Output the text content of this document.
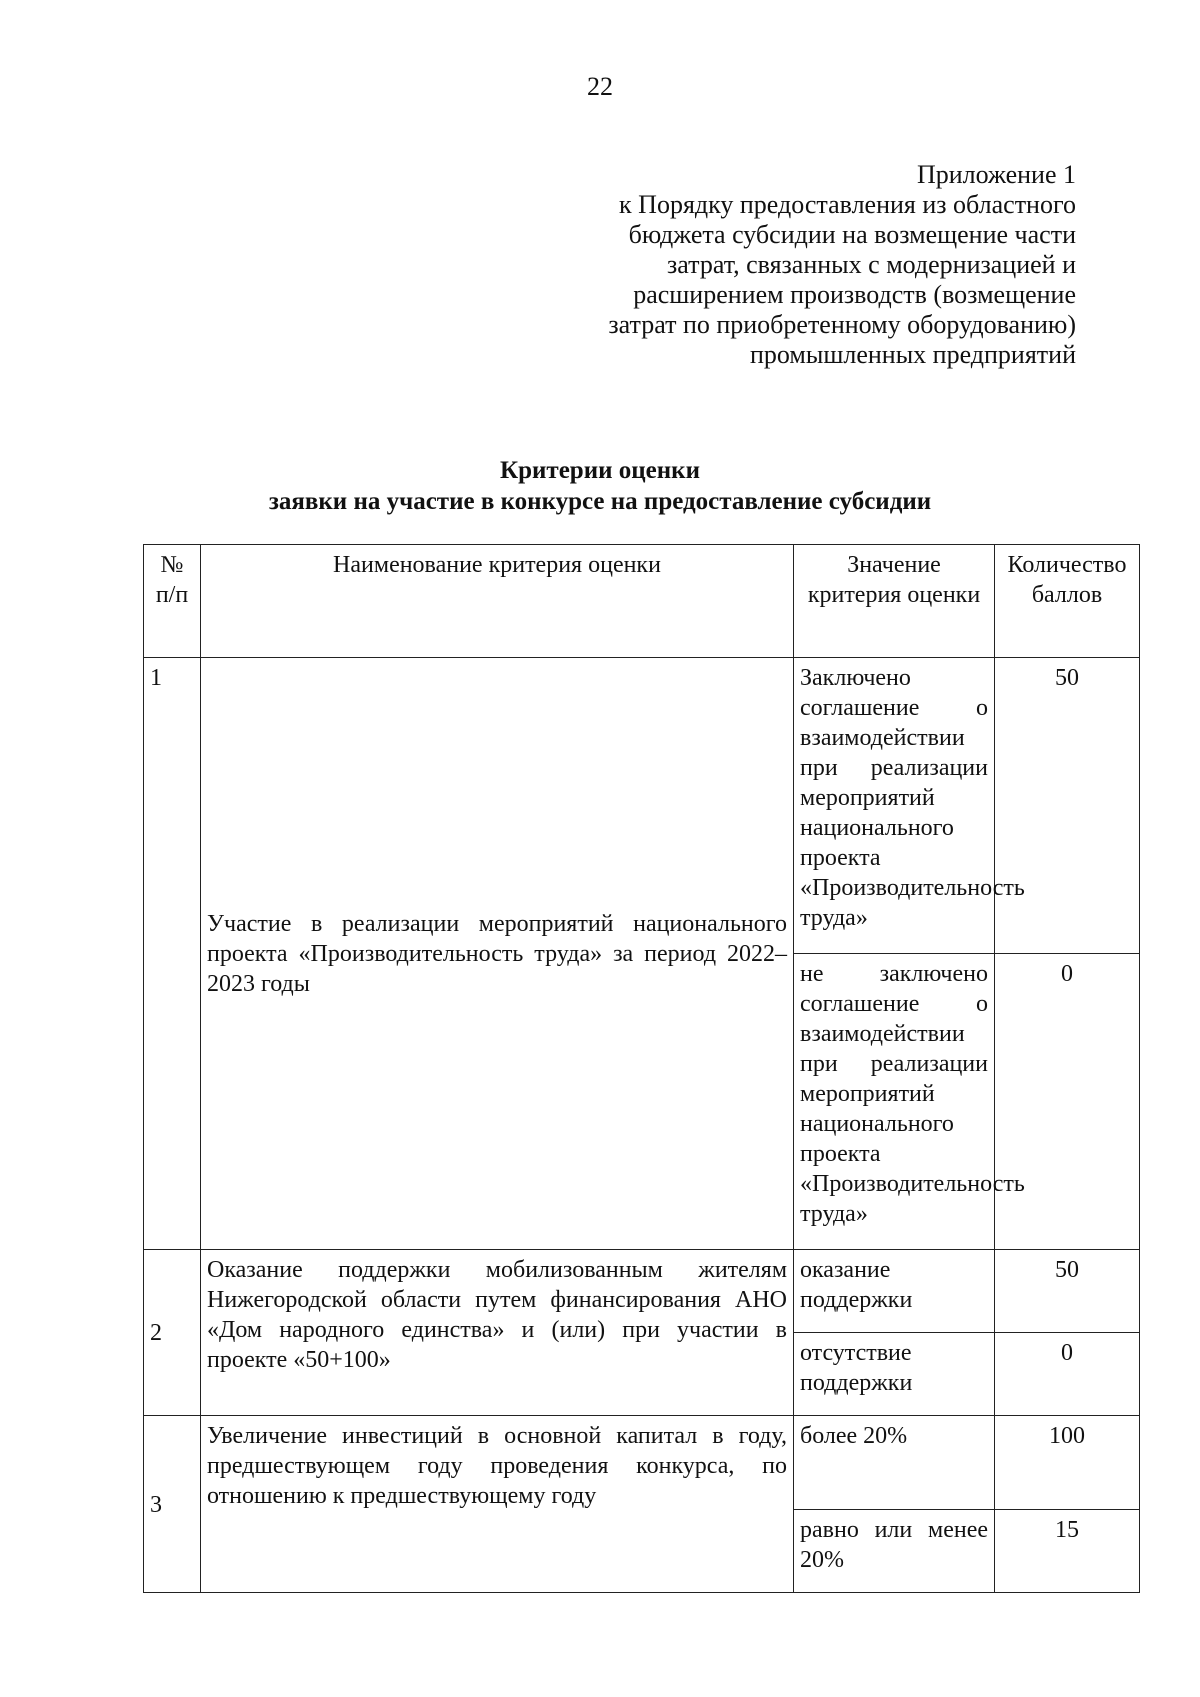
22
Приложение 1
к Порядку предоставления из областного
бюджета субсидии на возмещение части
затрат, связанных с модернизацией и
расширением производств (возмещение
затрат по приобретенному оборудованию)
промышленных предприятий
Критерии оценки
заявки на участие в конкурсе на предоставление субсидии
№ п/п	Наименование критерия оценки	Значение критерия оценки	Количество баллов
1	Участие в реализации мероприятий национального проекта «Производительность труда» за период 2022–2023 годы	Заключено соглашение о взаимодействии при реализации мероприятий национального проекта «Производительность труда»	50
		не заключено соглашение о взаимодействии при реализации мероприятий национального проекта «Производительность труда»	0
2	Оказание поддержки мобилизованным жителям Нижегородской области путем финансирования АНО «Дом народного единства» и (или) при участии в проекте «50+100»	оказание поддержки	50
		отсутствие поддержки	0
3	Увеличение инвестиций в основной капитал в году, предшествующем году проведения конкурса, по отношению к предшествующему году	более 20%	100
		равно или менее 20%	15
